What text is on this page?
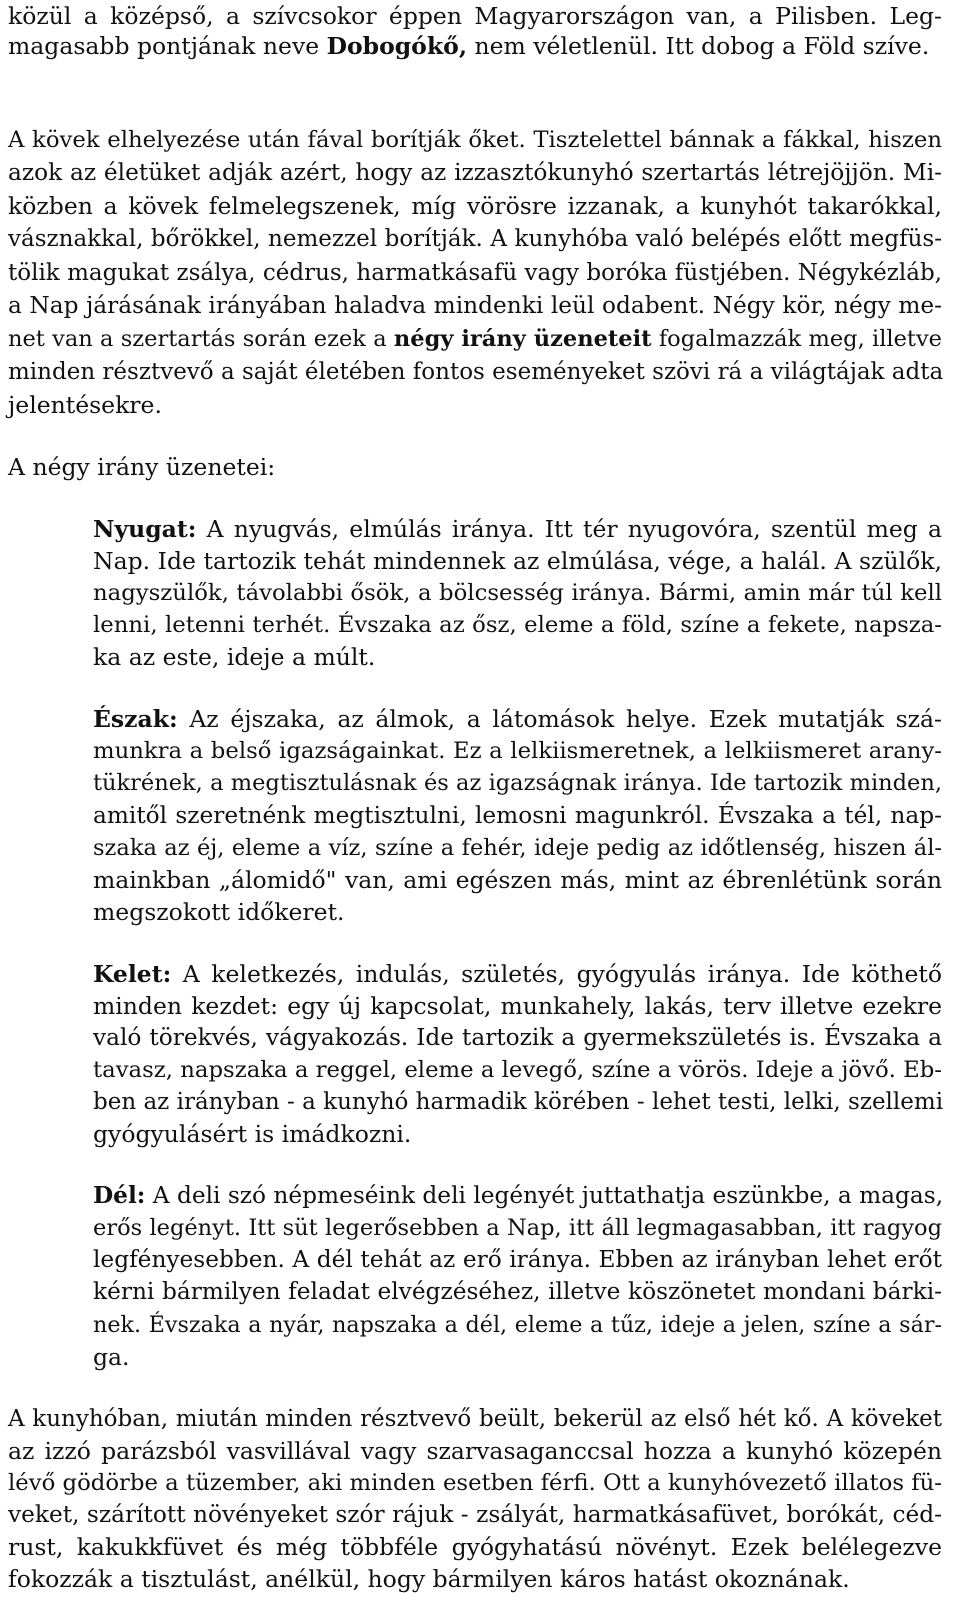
közül a középső, a szívcsokor éppen Magyarországon van, a Pilisben. Leg-
magasabb pontjának neve Dobogókő, nem véletlenül. Itt dobog a Föld szíve.
A kövek elhelyezése után fával borítják őket. Tisztelettel bánnak a fákkal, hiszen
azok az életüket adják azért, hogy az izzasztókunyhó szertartás létrejöjjön. Mi-
közben a kövek felmelegszenek, míg vörösre izzanak, a kunyhót takarókkal,
vásznakkal, bőrökkel, nemezzel borítják. A kunyhóba való belépés előtt megfüs-
tölik magukat zsálya, cédrus, harmatkásafü vagy boróka füstjében. Négykézláb,
a Nap járásának irányában haladva mindenki leül odabent. Négy kör, négy me-
net van a szertartás során ezek a négy irány üzeneteit fogalmazzák meg, illetve
minden résztvevő a saját életében fontos eseményeket szövi rá a világtájak adta
jelentésekre.
A négy irány üzenetei:
Nyugat: A nyugvás, elmúlás iránya. Itt tér nyugovóra, szentül meg a
Nap. Ide tartozik tehát mindennek az elmúlása, vége, a halál. A szülők,
nagyszülők, távolabbi ősök, a bölcsesség iránya. Bármi, amin már túl kell
lenni, letenni terhét. Évszaka az ősz, eleme a föld, színe a fekete, napsza-
ka az este, ideje a múlt.
Észak: Az éjszaka, az álmok, a látomások helye. Ezek mutatják szá-
munkra a belső igazságainkat. Ez a lelkiismeretnek, a lelkiismeret arany-
tükrének, a megtisztulásnak és az igazságnak iránya. Ide tartozik minden,
amitől szeretnénk megtisztulni, lemosni magunkról. Évszaka a tél, nap-
szaka az éj, eleme a víz, színe a fehér, ideje pedig az időtlenség, hiszen ál-
mainkban „álomidő" van, ami egészen más, mint az ébrenlétünk során
megszokott időkeret.
Kelet: A keletkezés, indulás, születés, gyógyulás iránya. Ide köthető
minden kezdet: egy új kapcsolat, munkahely, lakás, terv illetve ezekre
való törekvés, vágyakozás. Ide tartozik a gyermekszületés is. Évszaka a
tavasz, napszaka a reggel, eleme a levegő, színe a vörös. Ideje a jövő. Eb-
ben az irányban - a kunyhó harmadik körében - lehet testi, lelki, szellemi
gyógyulásért is imádkozni.
Dél: A deli szó népmeséink deli legényét juttathatja eszünkbe, a magas,
erős legényt. Itt süt legerősebben a Nap, itt áll legmagasabban, itt ragyog
legfényesebben. A dél tehát az erő iránya. Ebben az irányban lehet erőt
kérni bármilyen feladat elvégzéséhez, illetve köszönetet mondani bárki-
nek. Évszaka a nyár, napszaka a dél, eleme a tűz, ideje a jelen, színe a sár-
ga.
A kunyhóban, miután minden résztvevő beült, bekerül az első hét kő. A köveket
az izzó parázsból vasvillával vagy szarvasaganccsal hozza a kunyhó közepén
lévő gödörbe a tüzember, aki minden esetben férfi. Ott a kunyhóvezető illatos fü-
veket, szárított növényeket szór rájuk - zsályát, harmatkásafüvet, borókát, céd-
rust, kakukkfüvet és még többféle gyógyhatású növényt. Ezek belélegezve
fokozzák a tisztulást, anélkül, hogy bármilyen káros hatást okoznának.
